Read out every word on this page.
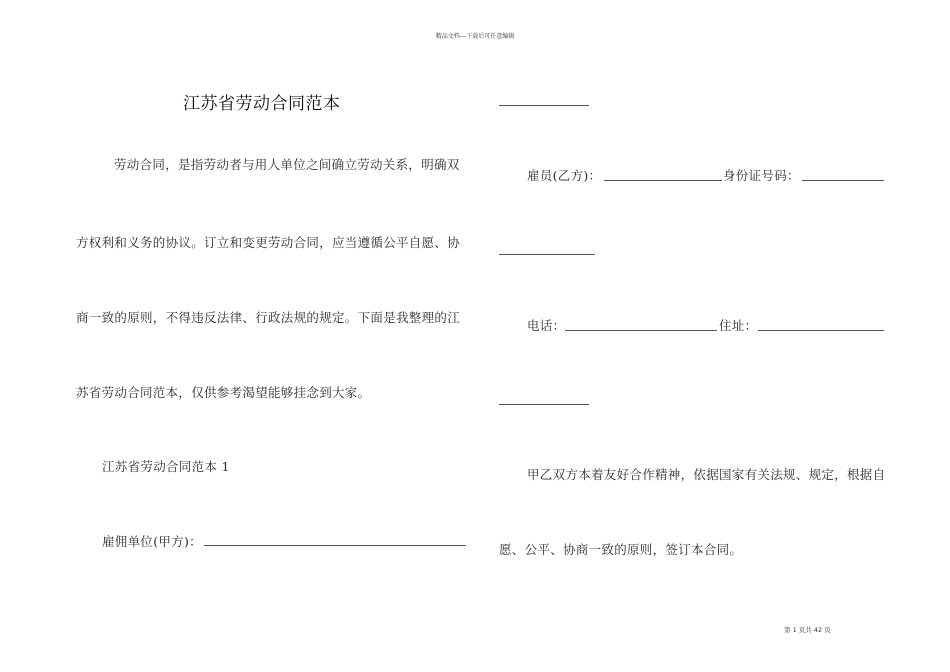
精品文档---下载后可任意编辑
江苏省劳动合同范本
劳动合同，是指劳动者与用人单位之间确立劳动关系，明确双
方权利和义务的协议。订立和变更劳动合同，应当遵循公平自愿、协
商一致的原则，不得违反法律、行政法规的规定。下面是我整理的江
苏省劳动合同范本，仅供参考渴望能够挂念到大家。
江苏省劳动合同范本 1
雇佣单位(甲方)：
雇员(乙方)：	身份证号码：
电话：	住址：
甲乙双方本着友好合作精神，依据国家有关法规、规定，根据自
愿、公平、协商一致的原则，签订本合同。
第 1 页共 42 页
